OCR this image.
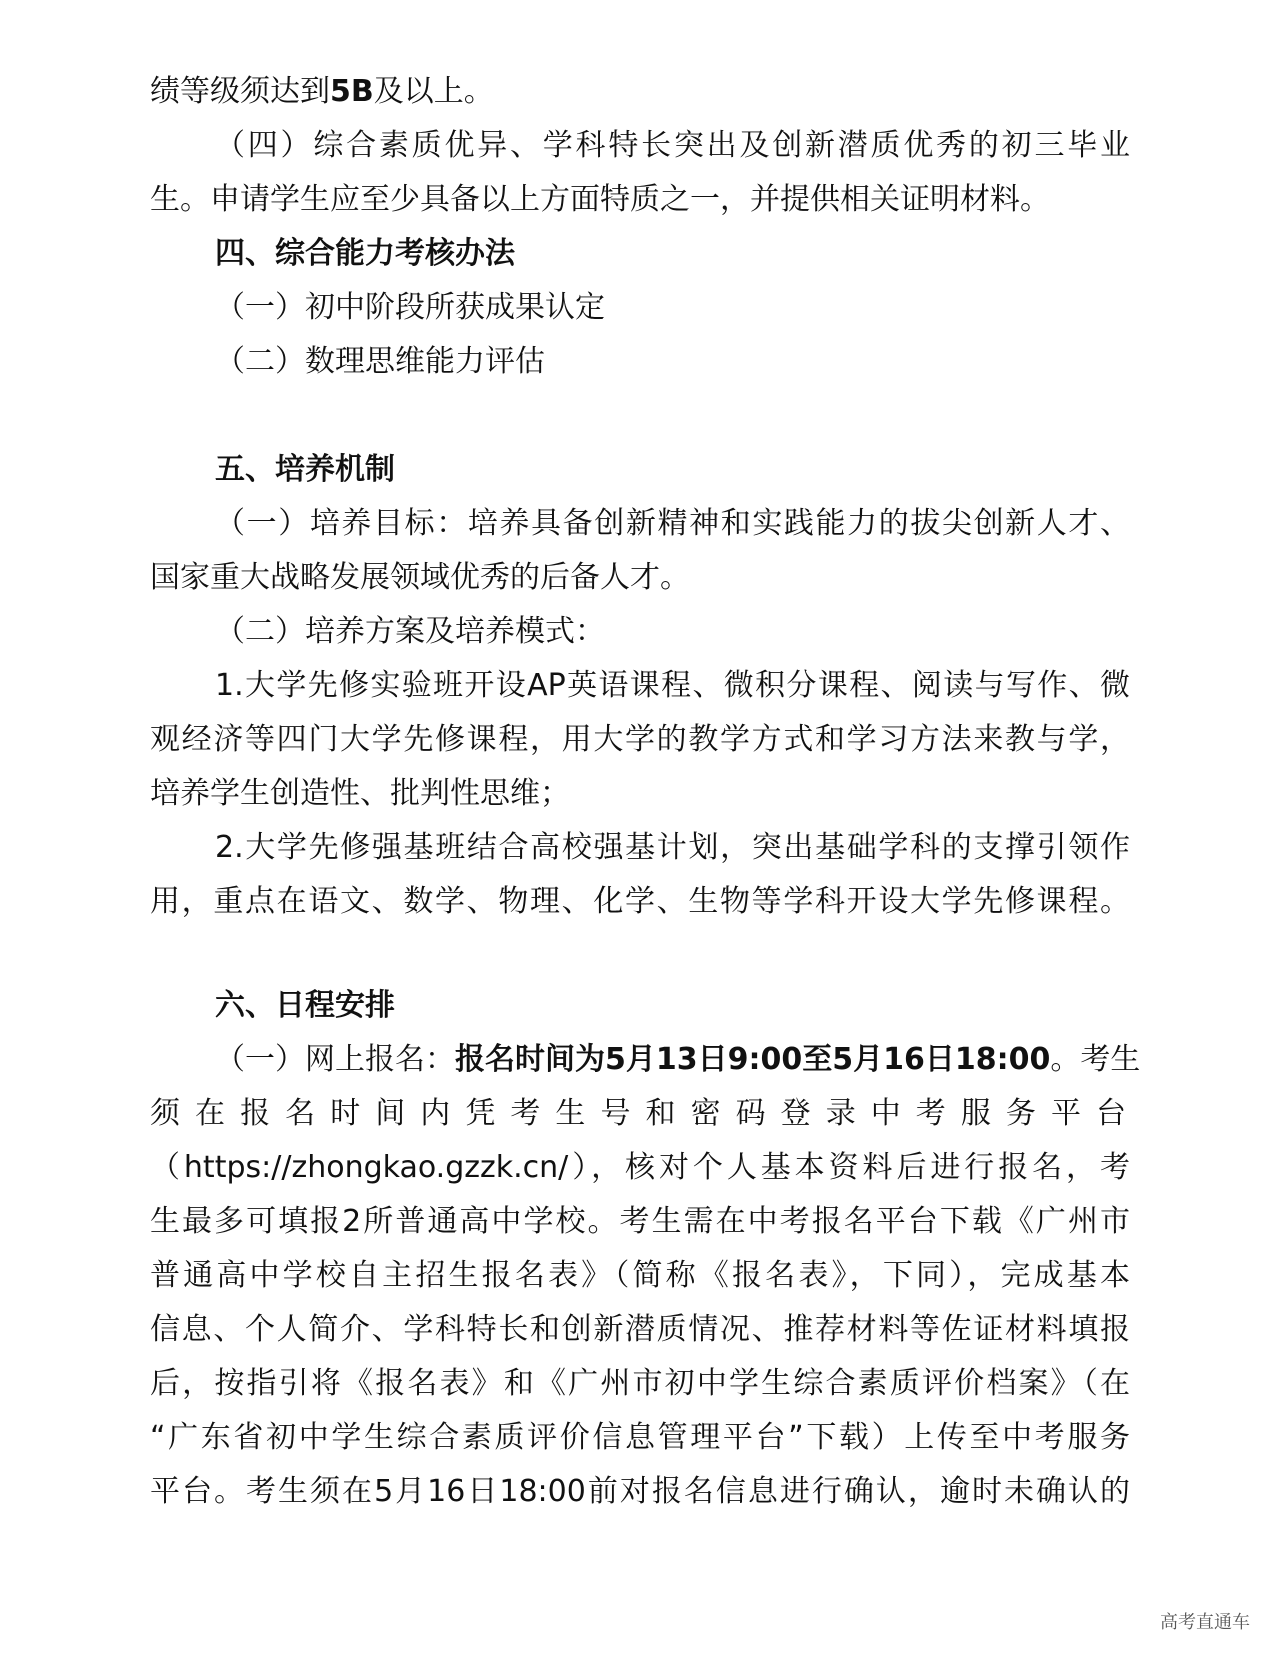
绩等级须达到5B及以上。
（四）综合素质优异、学科特长突出及创新潜质优秀的初三毕业
生。申请学生应至少具备以上方面特质之一，并提供相关证明材料。
四、综合能力考核办法
（一）初中阶段所获成果认定
（二）数理思维能力评估
五、培养机制
（一）培养目标：培养具备创新精神和实践能力的拔尖创新人才、
国家重大战略发展领域优秀的后备人才。
（二）培养方案及培养模式：
1.大学先修实验班开设AP英语课程、微积分课程、阅读与写作、微
观经济等四门大学先修课程，用大学的教学方式和学习方法来教与学，
培养学生创造性、批判性思维；
2.大学先修强基班结合高校强基计划，突出基础学科的支撑引领作
用，重点在语文、数学、物理、化学、生物等学科开设大学先修课程。
六、日程安排
（一）网上报名：报名时间为5月13日9:00至5月16日18:00。考生
须在报名时间内凭考生号和密码登录中考服务平台
（https://zhongkao.gzzk.cn/），核对个人基本资料后进行报名，考
生最多可填报2所普通高中学校。考生需在中考报名平台下载《广州市
普通高中学校自主招生报名表》（简称《报名表》，下同），完成基本
信息、个人简介、学科特长和创新潜质情况、推荐材料等佐证材料填报
后，按指引将《报名表》和《广州市初中学生综合素质评价档案》（在
“广东省初中学生综合素质评价信息管理平台”下载）上传至中考服务
平台。考生须在5月16日18:00前对报名信息进行确认，逾时未确认的
高考直通车
